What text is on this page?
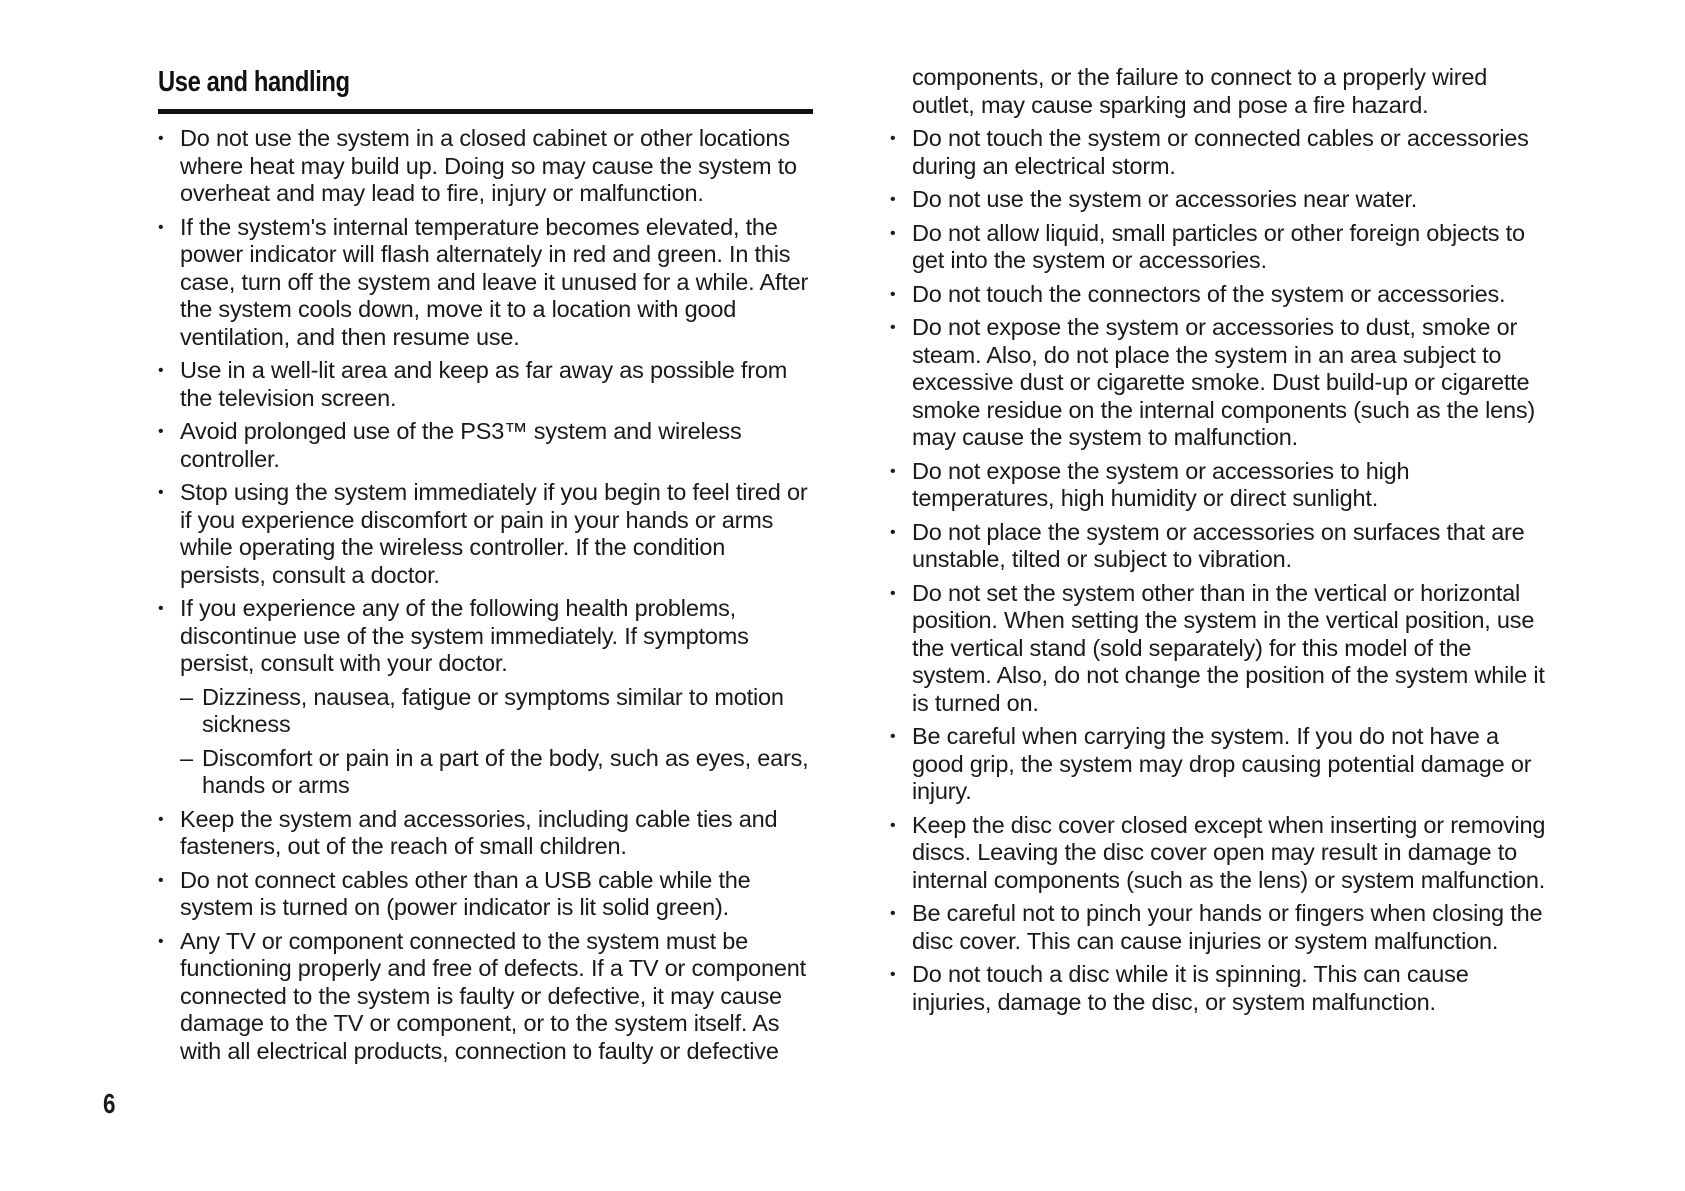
Use and handling
• Do not use the system in a closed cabinet or other locations where heat may build up. Doing so may cause the system to overheat and may lead to fire, injury or malfunction.
• If the system's internal temperature becomes elevated, the power indicator will flash alternately in red and green. In this case, turn off the system and leave it unused for a while. After the system cools down, move it to a location with good ventilation, and then resume use.
• Use in a well-lit area and keep as far away as possible from the television screen.
• Avoid prolonged use of the PS3™ system and wireless controller.
• Stop using the system immediately if you begin to feel tired or if you experience discomfort or pain in your hands or arms while operating the wireless controller. If the condition persists, consult a doctor.
• If you experience any of the following health problems, discontinue use of the system immediately. If symptoms persist, consult with your doctor.
– Dizziness, nausea, fatigue or symptoms similar to motion sickness
– Discomfort or pain in a part of the body, such as eyes, ears, hands or arms
• Keep the system and accessories, including cable ties and fasteners, out of the reach of small children.
• Do not connect cables other than a USB cable while the system is turned on (power indicator is lit solid green).
• Any TV or component connected to the system must be functioning properly and free of defects. If a TV or component connected to the system is faulty or defective, it may cause damage to the TV or component, or to the system itself. As with all electrical products, connection to faulty or defective

components, or the failure to connect to a properly wired outlet, may cause sparking and pose a fire hazard.

• Do not touch the system or connected cables or accessories during an electrical storm.
• Do not use the system or accessories near water.
• Do not allow liquid, small particles or other foreign objects to get into the system or accessories.
• Do not touch the connectors of the system or accessories.
• Do not expose the system or accessories to dust, smoke or steam. Also, do not place the system in an area subject to excessive dust or cigarette smoke. Dust build-up or cigarette smoke residue on the internal components (such as the lens) may cause the system to malfunction.
• Do not expose the system or accessories to high temperatures, high humidity or direct sunlight.
• Do not place the system or accessories on surfaces that are unstable, tilted or subject to vibration.
• Do not set the system other than in the vertical or horizontal position. When setting the system in the vertical position, use the vertical stand (sold separately) for this model of the system. Also, do not change the position of the system while it is turned on.
• Be careful when carrying the system. If you do not have a good grip, the system may drop causing potential damage or injury.
• Keep the disc cover closed except when inserting or removing discs. Leaving the disc cover open may result in damage to internal components (such as the lens) or system malfunction.
• Be careful not to pinch your hands or fingers when closing the disc cover. This can cause injuries or system malfunction.
• Do not touch a disc while it is spinning. This can cause injuries, damage to the disc, or system malfunction.
6
